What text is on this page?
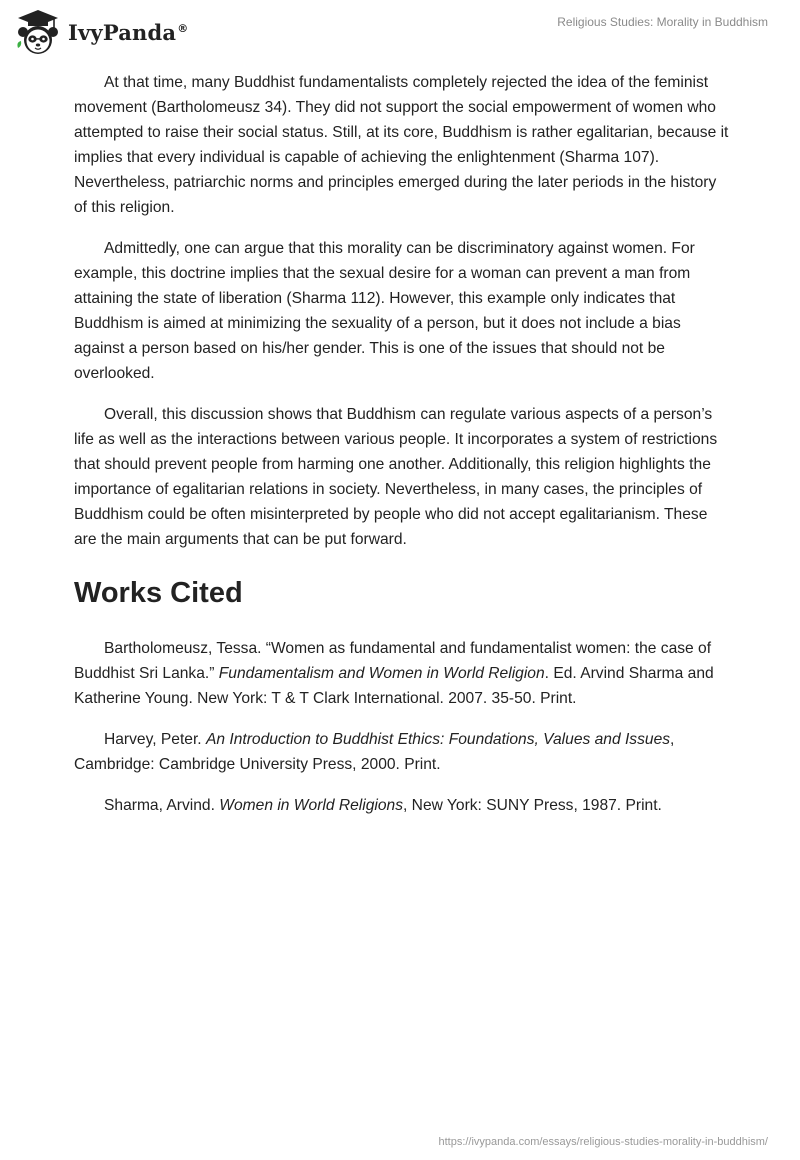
IvyPanda®	Religious Studies: Morality in Buddhism

At that time, many Buddhist fundamentalists completely rejected the idea of the feminist movement (Bartholomeusz 34). They did not support the social empowerment of women who attempted to raise their social status. Still, at its core, Buddhism is rather egalitarian, because it implies that every individual is capable of achieving the enlightenment (Sharma 107). Nevertheless, patriarchic norms and principles emerged during the later periods in the history of this religion.

Admittedly, one can argue that this morality can be discriminatory against women. For example, this doctrine implies that the sexual desire for a woman can prevent a man from attaining the state of liberation (Sharma 112). However, this example only indicates that Buddhism is aimed at minimizing the sexuality of a person, but it does not include a bias against a person based on his/her gender. This is one of the issues that should not be overlooked.

Overall, this discussion shows that Buddhism can regulate various aspects of a person’s life as well as the interactions between various people. It incorporates a system of restrictions that should prevent people from harming one another. Additionally, this religion highlights the importance of egalitarian relations in society. Nevertheless, in many cases, the principles of Buddhism could be often misinterpreted by people who did not accept egalitarianism. These are the main arguments that can be put forward.

Works Cited

Bartholomeusz, Tessa. “Women as fundamental and fundamentalist women: the case of Buddhist Sri Lanka.” Fundamentalism and Women in World Religion. Ed. Arvind Sharma and Katherine Young. New York: T & T Clark International. 2007. 35-50. Print.

Harvey, Peter. An Introduction to Buddhist Ethics: Foundations, Values and Issues, Cambridge: Cambridge University Press, 2000. Print.

Sharma, Arvind. Women in World Religions, New York: SUNY Press, 1987. Print.

https://ivypanda.com/essays/religious-studies-morality-in-buddhism/
